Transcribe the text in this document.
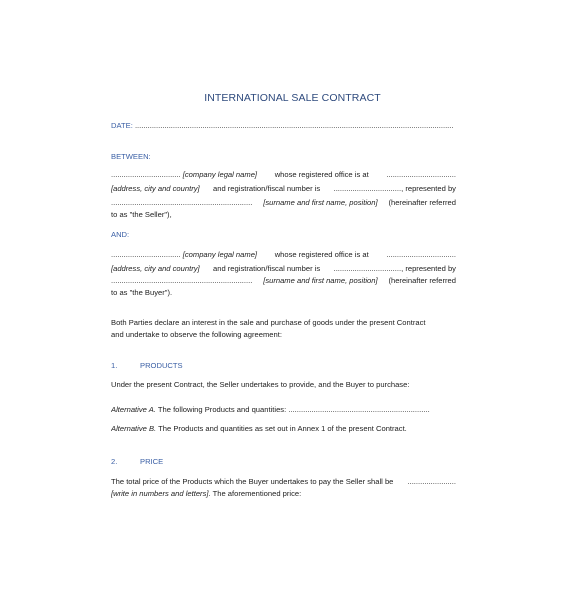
INTERNATIONAL SALE CONTRACT
DATE: .......................................................................................................................................................
BETWEEN:
................................. [company legal name] whose registered office is at .................................
[address, city and country] and registration/fiscal number is ................................, represented by
................................................................... [surname and first name, position] (hereinafter referred
to as "the Seller"),
AND:
................................. [company legal name] whose registered office is at .................................
[address, city and country] and registration/fiscal number is ................................, represented by
................................................................... [surname and first name, position] (hereinafter referred
to as "the Buyer").
Both Parties declare an interest in the sale and purchase of goods under the present Contract
and undertake to observe the following agreement:
1.	PRODUCTS
Under the present Contract, the Seller undertakes to provide, and the Buyer to purchase:
Alternative A. The following Products and quantities: ...................................................................
Alternative B. The Products and quantities as set out in Annex 1 of the present Contract.
2.	PRICE
The total price of the Products which the Buyer undertakes to pay the Seller shall be .......................
[write in numbers and letters]. The aforementioned price:
